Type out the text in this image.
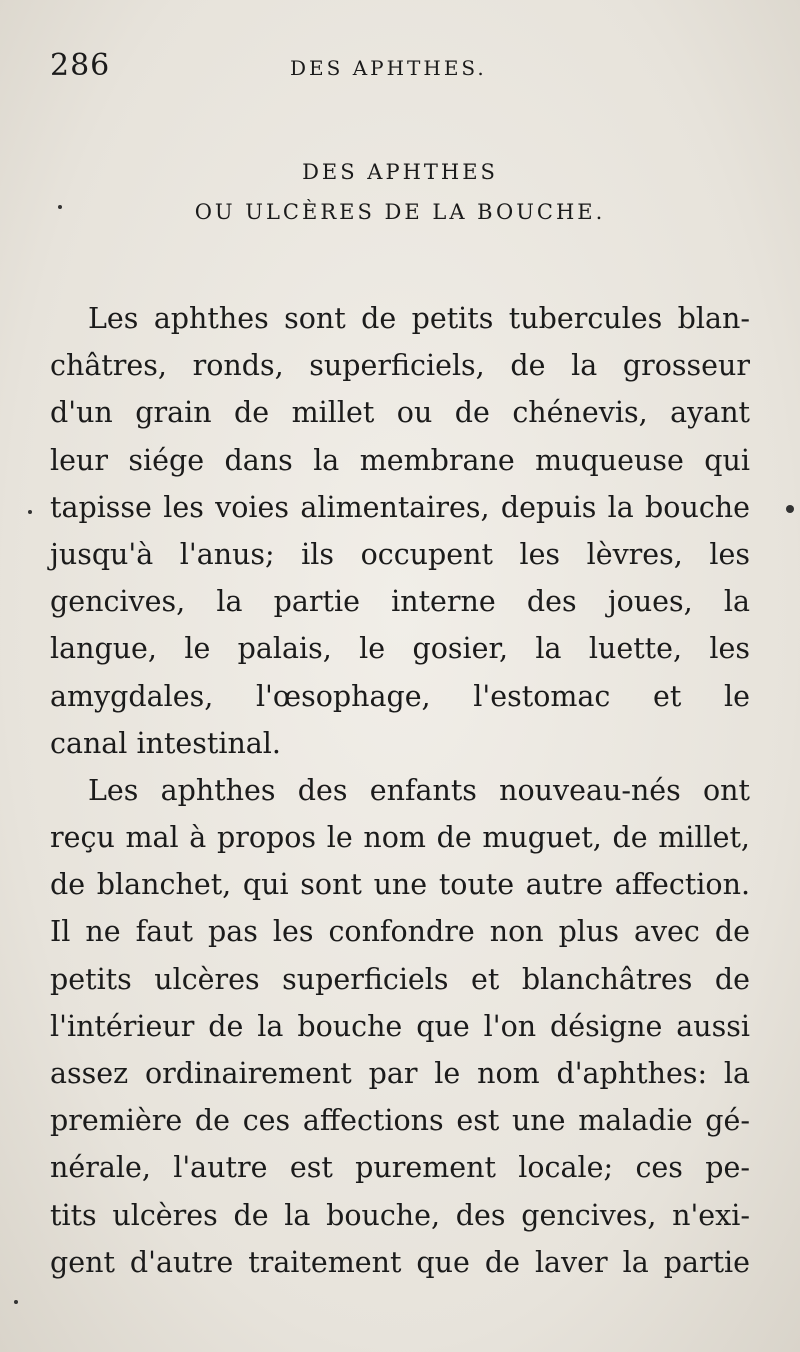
286	DES APHTHES.
DES APHTHES
OU ULCÈRES DE LA BOUCHE.
Les aphthes sont de petits tubercules blan-
châtres, ronds, superficiels, de la grosseur
d'un grain de millet ou de chénevis, ayant
leur siége dans la membrane muqueuse qui
tapisse les voies alimentaires, depuis la bouche
jusqu'à l'anus; ils occupent les lèvres, les
gencives, la partie interne des joues, la
langue, le palais, le gosier, la luette, les
amygdales, l'œsophage, l'estomac et le
canal intestinal.
Les aphthes des enfants nouveau-nés ont
reçu mal à propos le nom de muguet, de millet,
de blanchet, qui sont une toute autre affection.
Il ne faut pas les confondre non plus avec de
petits ulcères superficiels et blanchâtres de
l'intérieur de la bouche que l'on désigne aussi
assez ordinairement par le nom d'aphthes: la
première de ces affections est une maladie gé-
nérale, l'autre est purement locale; ces pe-
tits ulcères de la bouche, des gencives, n'exi-
gent d'autre traitement que de laver la partie
